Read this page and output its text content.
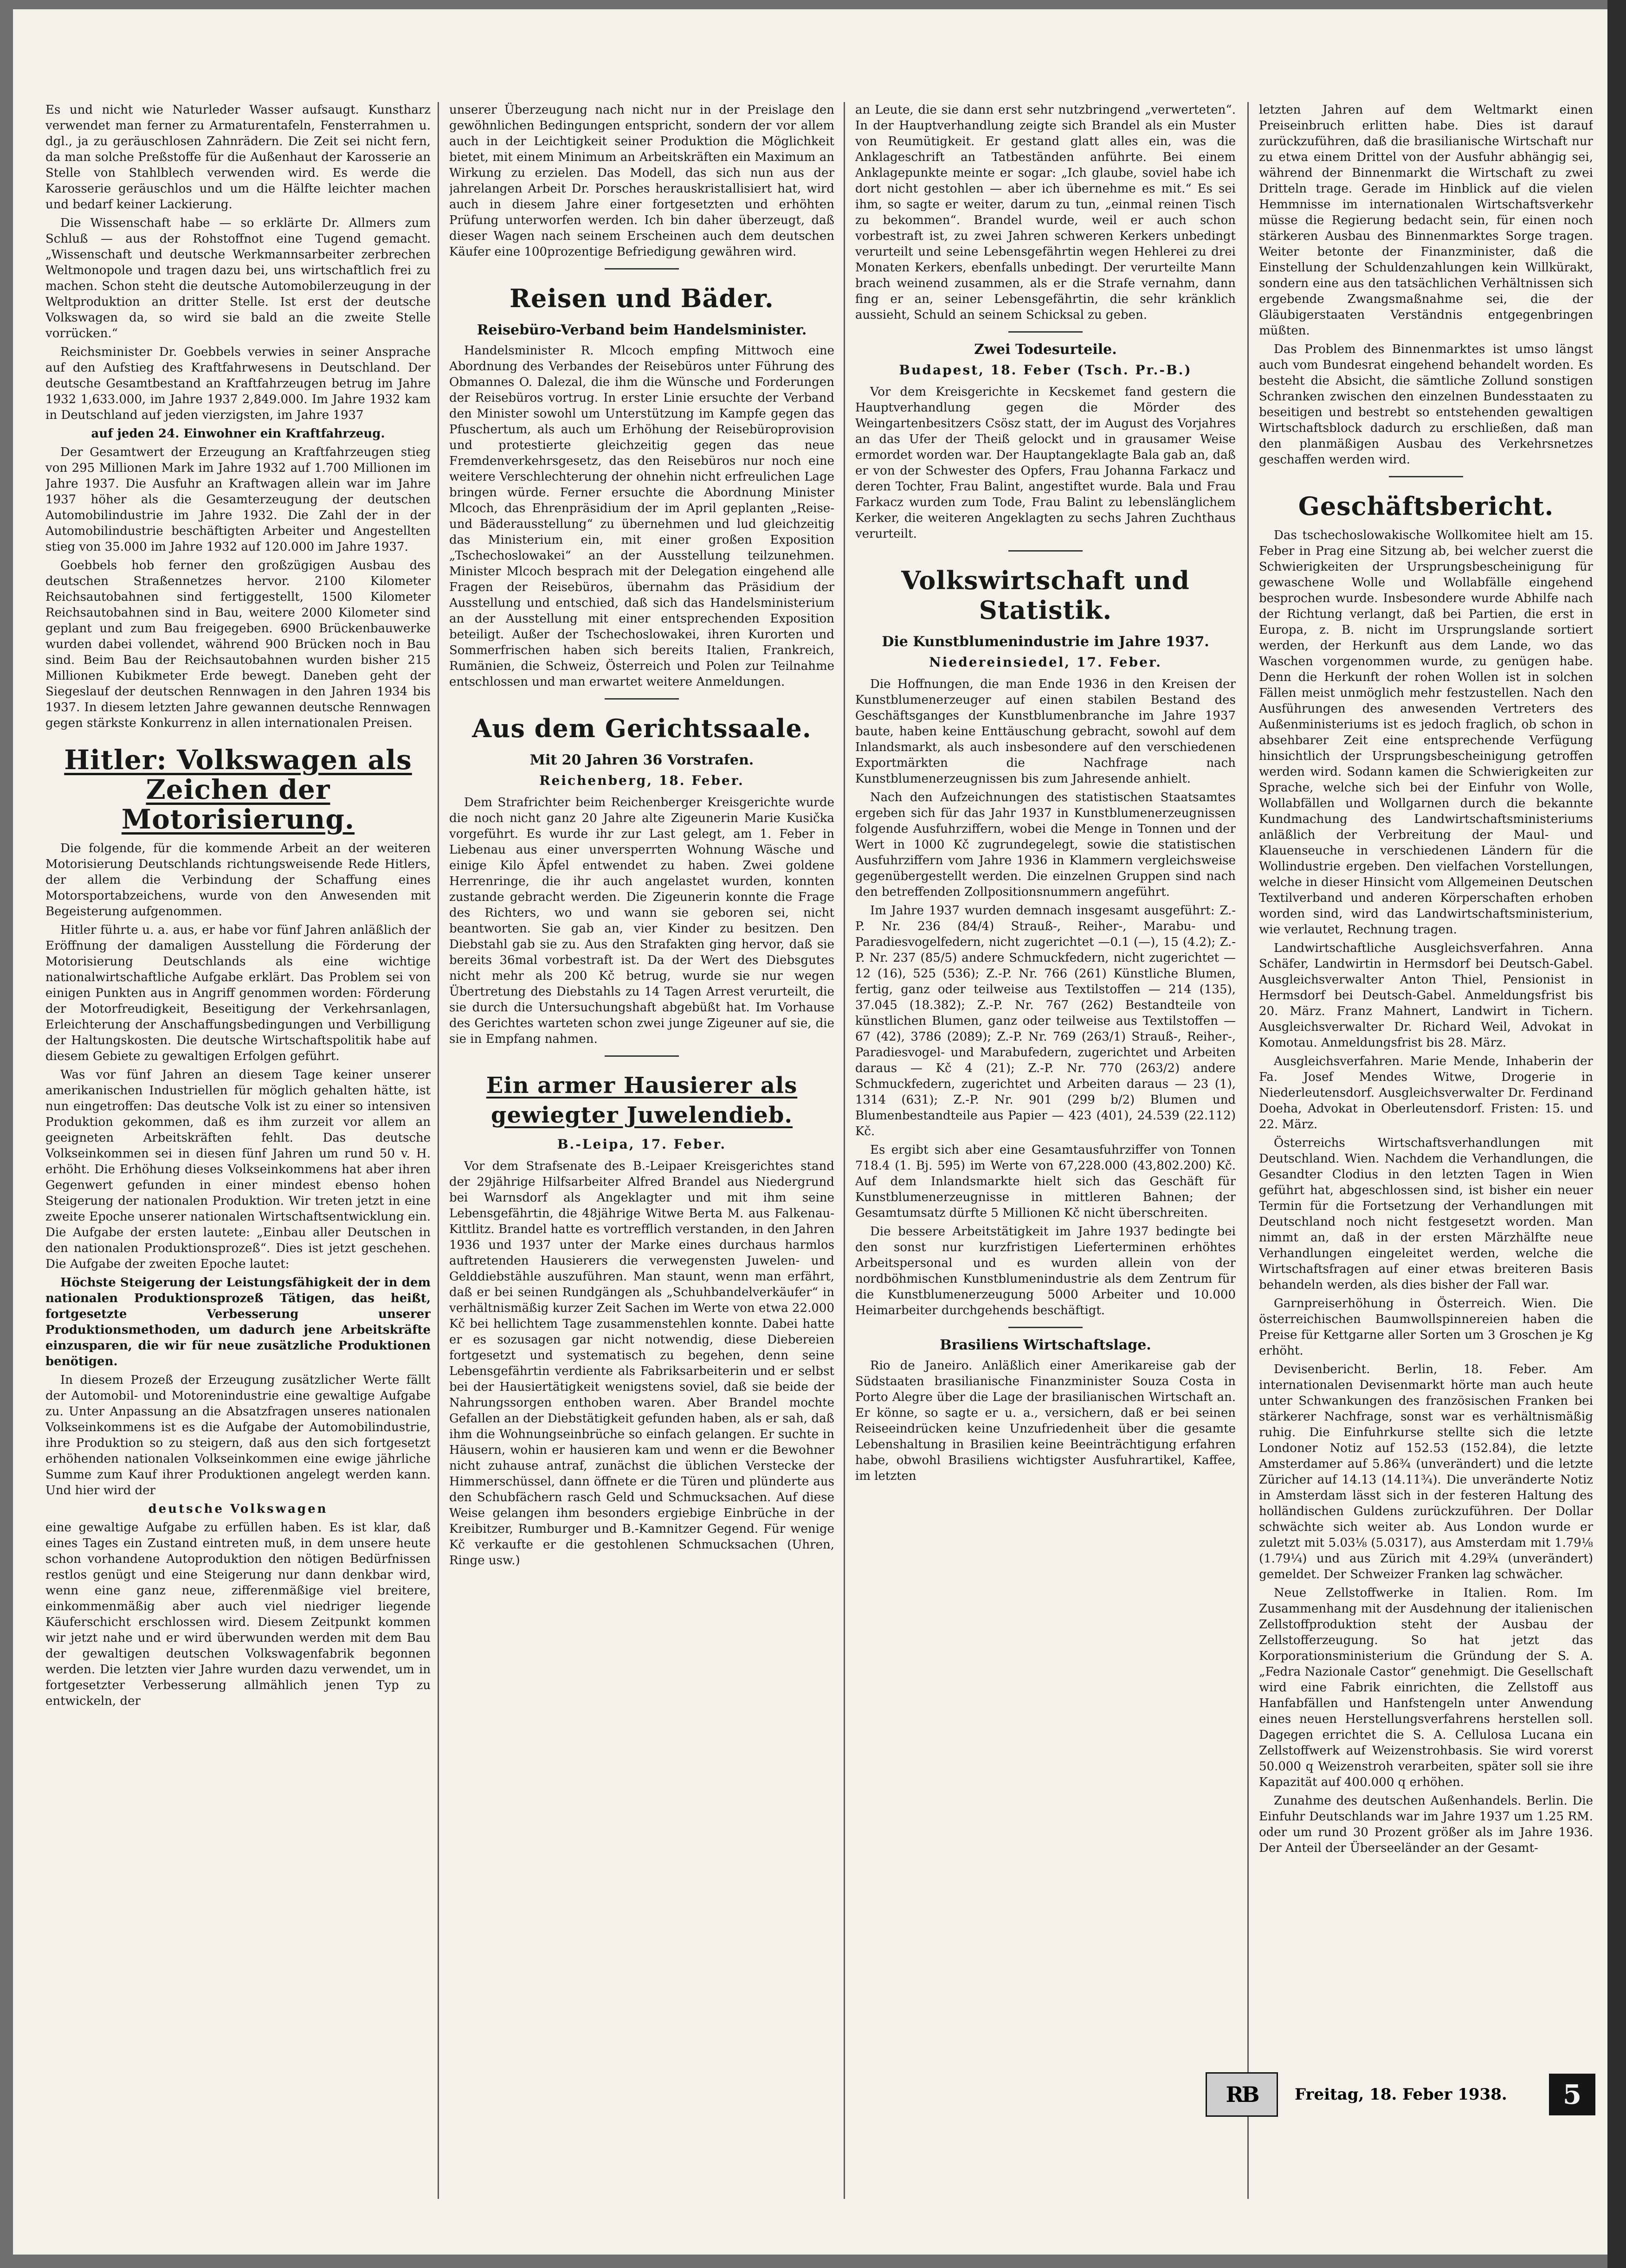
Es und nicht wie Naturleder Wasser aufsaugt. Kunstharz verwendet man ferner zu Armaturentafeln, Fensterrahmen u. dgl., ja zu geräuschlosen Zahnrädern. Die Zeit sei nicht fern, da man solche Preßstoffe für die Außenhaut der Karosserie an Stelle von Stahlblech verwenden wird. Es werde die Karosserie geräuschlos und um die Hälfte leichter machen und bedarf keiner Lackierung.

Die Wissenschaft habe — so erklärte Dr. Allmers zum Schluß — aus der Rohstoffnot eine Tugend gemacht. „Wissenschaft und deutsche Werkmannsarbeiter zerbrechen Weltmonopole und tragen dazu bei, uns wirtschaftlich frei zu machen. Schon steht die deutsche Automobilerzeugung in der Weltproduktion an dritter Stelle. Ist erst der deutsche Volkswagen da, so wird sie bald an die zweite Stelle vorrücken.“

Reichsminister Dr. Goebbels verwies in seiner Ansprache auf den Aufstieg des Kraftfahrwesens in Deutschland. Der deutsche Gesamtbestand an Kraftfahrzeugen betrug im Jahre 1932 1,633.000, im Jahre 1937 2,849.000. Im Jahre 1932 kam in Deutschland auf jeden vierzigsten, im Jahre 1937

auf jeden 24. Einwohner ein Kraftfahrzeug.

Der Gesamtwert der Erzeugung an Kraftfahrzeugen stieg von 295 Millionen Mark im Jahre 1932 auf 1.700 Millionen im Jahre 1937. Die Ausfuhr an Kraftwagen allein war im Jahre 1937 höher als die Gesamterzeugung der deutschen Automobilindustrie im Jahre 1932. Die Zahl der in der Automobilindustrie beschäftigten Arbeiter und Angestellten stieg von 35.000 im Jahre 1932 auf 120.000 im Jahre 1937.

Goebbels hob ferner den großzügigen Ausbau des deutschen Straßennetzes hervor. 2100 Kilometer Reichsautobahnen sind fertiggestellt, 1500 Kilometer Reichsautobahnen sind in Bau, weitere 2000 Kilometer sind geplant und zum Bau freigegeben. 6900 Brückenbauwerke wurden dabei vollendet, während 900 Brücken noch in Bau sind. Beim Bau der Reichsautobahnen wurden bisher 215 Millionen Kubikmeter Erde bewegt. Daneben geht der Siegeslauf der deutschen Rennwagen in den Jahren 1934 bis 1937. In diesem letzten Jahre gewannen deutsche Rennwagen gegen stärkste Konkurrenz in allen internationalen Preisen.

Hitler: Volkswagen als Zeichen der Motorisierung.

Die folgende, für die kommende Arbeit an der weiteren Motorisierung Deutschlands richtungsweisende Rede Hitlers, der allem die Verbindung der Schaffung eines Motorsportabzeichens, wurde von den Anwesenden mit Begeisterung aufgenommen.

Hitler führte u. a. aus, er habe vor fünf Jahren anläßlich der Eröffnung der damaligen Ausstellung die Förderung der Motorisierung Deutschlands als eine wichtige nationalwirtschaftliche Aufgabe erklärt. Das Problem sei von einigen Punkten aus in Angriff genommen worden: Förderung der Motorfreudigkeit, Beseitigung der Verkehrsanlagen, Erleichterung der Anschaffungsbedingungen und Verbilligung der Haltungskosten. Die deutsche Wirtschaftspolitik habe auf diesem Gebiete zu gewaltigen Erfolgen geführt.

Was vor fünf Jahren an diesem Tage keiner unserer amerikanischen Industriellen für möglich gehalten hätte, ist nun eingetroffen: Das deutsche Volk ist zu einer so intensiven Produktion gekommen, daß es ihm zurzeit vor allem an geeigneten Arbeitskräften fehlt. Das deutsche Volkseinkommen sei in diesen fünf Jahren um rund 50 v. H. erhöht. Die Erhöhung dieses Volkseinkommens hat aber ihren Gegenwert gefunden in einer mindest ebenso hohen Steigerung der nationalen Produktion. Wir treten jetzt in eine zweite Epoche unserer nationalen Wirtschaftsentwicklung ein. Die Aufgabe der ersten lautete: „Einbau aller Deutschen in den nationalen Produktionsprozeß“. Dies ist jetzt geschehen. Die Aufgabe der zweiten Epoche lautet:

Höchste Steigerung der Leistungsfähigkeit der in dem nationalen Produktionsprozeß Tätigen, das heißt, fortgesetzte Verbesserung unserer Produktionsmethoden, um dadurch jene Arbeitskräfte einzusparen, die wir für neue zusätzliche Produktionen benötigen.

In diesem Prozeß der Erzeugung zusätzlicher Werte fällt der Automobil- und Motorenindustrie eine gewaltige Aufgabe zu. Unter Anpassung an die Absatzfragen unseres nationalen Volkseinkommens ist es die Aufgabe der Automobilindustrie, ihre Produktion so zu steigern, daß aus den sich fortgesetzt erhöhenden nationalen Volkseinkommen eine ewige jährliche Summe zum Kauf ihrer Produktionen angelegt werden kann. Und hier wird der

deutsche Volkswagen

eine gewaltige Aufgabe zu erfüllen haben. Es ist klar, daß eines Tages ein Zustand eintreten muß, in dem unsere heute schon vorhandene Autoproduktion den nötigen Bedürfnissen restlos genügt und eine Steigerung nur dann denkbar wird, wenn eine ganz neue, zifferenmäßige viel breitere, einkommenmäßig aber auch viel niedriger liegende Käuferschicht erschlossen wird. Diesem Zeitpunkt kommen wir jetzt nahe und er wird überwunden werden mit dem Bau der gewaltigen deutschen Volkswagenfabrik begonnen werden. Die letzten vier Jahre wurden dazu verwendet, um in fortgesetzter Verbesserung allmählich jenen Typ zu entwickeln, der

unserer Überzeugung nach nicht nur in der Preislage den gewöhnlichen Bedingungen entspricht, sondern der vor allem auch in der Leichtigkeit seiner Produktion die Möglichkeit bietet, mit einem Minimum an Arbeitskräften ein Maximum an Wirkung zu erzielen. Das Modell, das sich nun aus der jahrelangen Arbeit Dr. Porsches herauskristallisiert hat, wird auch in diesem Jahre einer fortgesetzten und erhöhten Prüfung unterworfen werden. Ich bin daher überzeugt, daß dieser Wagen nach seinem Erscheinen auch dem deutschen Käufer eine 100prozentige Befriedigung gewähren wird.

Reisen und Bäder.
Reisebüro-Verband beim Handelsminister.

Handelsminister R. Mlcoch empfing Mittwoch eine Abordnung des Verbandes der Reisebüros unter Führung des Obmannes O. Dalezal, die ihm die Wünsche und Forderungen der Reisebüros vortrug. In erster Linie ersuchte der Verband den Minister sowohl um Unterstützung im Kampfe gegen das Pfuschertum, als auch um Erhöhung der Reisebüroprovision und protestierte gleichzeitig gegen das neue Fremdenverkehrsgesetz, das den Reisebüros nur noch eine weitere Verschlechterung der ohnehin nicht erfreulichen Lage bringen würde. Ferner ersuchte die Abordnung Minister Mlcoch, das Ehrenpräsidium der im April geplanten „Reise- und Bäderausstellung“ zu übernehmen und lud gleichzeitig das Ministerium ein, mit einer großen Exposition „Tschechoslowakei“ an der Ausstellung teilzunehmen. Minister Mlcoch besprach mit der Delegation eingehend alle Fragen der Reisebüros, übernahm das Präsidium der Ausstellung und entschied, daß sich das Handelsministerium an der Ausstellung mit einer entsprechenden Exposition beteiligt. Außer der Tschechoslowakei, ihren Kurorten und Sommerfrischen haben sich bereits Italien, Frankreich, Rumänien, die Schweiz, Österreich und Polen zur Teilnahme entschlossen und man erwartet weitere Anmeldungen.

Aus dem Gerichtssaale.
Mit 20 Jahren 36 Vorstrafen.
Reichenberg, 18. Feber.

Dem Strafrichter beim Reichenberger Kreisgerichte wurde die noch nicht ganz 20 Jahre alte Zigeunerin Marie Kusička vorgeführt. Es wurde ihr zur Last gelegt, am 1. Feber in Liebenau aus einer unversperrten Wohnung Wäsche und einige Kilo Äpfel entwendet zu haben. Zwei goldene Herrenringe, die ihr auch angelastet wurden, konnten zustande gebracht werden. Die Zigeunerin konnte die Frage des Richters, wo und wann sie geboren sei, nicht beantworten. Sie gab an, vier Kinder zu besitzen. Den Diebstahl gab sie zu. Aus den Strafakten ging hervor, daß sie bereits 36mal vorbestraft ist. Da der Wert des Diebsgutes nicht mehr als 200 Kč betrug, wurde sie nur wegen Übertretung des Diebstahls zu 14 Tagen Arrest verurteilt, die sie durch die Untersuchungshaft abgebüßt hat. Im Vorhause des Gerichtes warteten schon zwei junge Zigeuner auf sie, die sie in Empfang nahmen.

Ein armer Hausierer als gewiegter Juwelendieb.
B.-Leipa, 17. Feber.

Vor dem Strafsenate des B.-Leipaer Kreisgerichtes stand der 29jährige Hilfsarbeiter Alfred Brandel aus Niedergrund bei Warnsdorf als Angeklagter und mit ihm seine Lebensgefährtin, die 48jährige Witwe Berta M. aus Falkenau-Kittlitz. Brandel hatte es vortrefflich verstanden, in den Jahren 1936 und 1937 unter der Marke eines durchaus harmlos auftretenden Hausierers die verwegensten Juwelen- und Gelddiebstähle auszuführen. Man staunt, wenn man erfährt, daß er bei seinen Rundgängen als „Schuhbandelverkäufer“ in verhältnismäßig kurzer Zeit Sachen im Werte von etwa 22.000 Kč bei hellichtem Tage zusammenstehlen konnte. Dabei hatte er es sozusagen gar nicht notwendig, diese Diebereien fortgesetzt und systematisch zu begehen, denn seine Lebensgefährtin verdiente als Fabriksarbeiterin und er selbst bei der Hausiertätigkeit wenigstens soviel, daß sie beide der Nahrungssorgen enthoben waren. Aber Brandel mochte Gefallen an der Diebstätigkeit gefunden haben, als er sah, daß ihm die Wohnungseinbrüche so einfach gelangen. Er suchte in Häusern, wohin er hausieren kam und wenn er die Bewohner nicht zuhause antraf, zunächst die üblichen Verstecke der Himmerschüssel, dann öffnete er die Türen und plünderte aus den Schubfächern rasch Geld und Schmucksachen. Auf diese Weise gelangen ihm besonders ergiebige Einbrüche in der Kreibitzer, Rumburger und B.-Kamnitzer Gegend. Für wenige Kč verkaufte er die gestohlenen Schmucksachen (Uhren, Ringe usw.)

an Leute, die sie dann erst sehr nutzbringend „verwerteten“. In der Hauptverhandlung zeigte sich Brandel als ein Muster von Reumütigkeit. Er gestand glatt alles ein, was die Anklageschrift an Tatbeständen anführte. Bei einem Anklagepunkte meinte er sogar: „Ich glaube, soviel habe ich dort nicht gestohlen — aber ich übernehme es mit.“ Es sei ihm, so sagte er weiter, darum zu tun, „einmal reinen Tisch zu bekommen“. Brandel wurde, weil er auch schon vorbestraft ist, zu zwei Jahren schweren Kerkers unbedingt verurteilt und seine Lebensgefährtin wegen Hehlerei zu drei Monaten Kerkers, ebenfalls unbedingt. Der verurteilte Mann brach weinend zusammen, als er die Strafe vernahm, dann fing er an, seiner Lebensgefährtin, die sehr kränklich aussieht, Schuld an seinem Schicksal zu geben.

Zwei Todesurteile.
Budapest, 18. Feber (Tsch. Pr.-B.)

Vor dem Kreisgerichte in Kecskemet fand gestern die Hauptverhandlung gegen die Mörder des Weingartenbesitzers Csösz statt, der im August des Vorjahres an das Ufer der Theiß gelockt und in grausamer Weise ermordet worden war. Der Hauptangeklagte Bala gab an, daß er von der Schwester des Opfers, Frau Johanna Farkacz und deren Tochter, Frau Balint, angestiftet wurde. Bala und Frau Farkacz wurden zum Tode, Frau Balint zu lebenslänglichem Kerker, die weiteren Angeklagten zu sechs Jahren Zuchthaus verurteilt.

Volkswirtschaft und Statistik.
Die Kunstblumenindustrie im Jahre 1937.
Niedereinsiedel, 17. Feber.

Die Hoffnungen, die man Ende 1936 in den Kreisen der Kunstblumenerzeuger auf einen stabilen Bestand des Geschäftsganges der Kunstblumenbranche im Jahre 1937 baute, haben keine Enttäuschung gebracht, sowohl auf dem Inlandsmarkt, als auch insbesondere auf den verschiedenen Exportmärkten die Nachfrage nach Kunstblumenerzeugnissen bis zum Jahresende anhielt.

Nach den Aufzeichnungen des statistischen Staatsamtes ergeben sich für das Jahr 1937 in Kunstblumenerzeugnissen folgende Ausfuhrziffern, wobei die Menge in Tonnen und der Wert in 1000 Kč zugrundegelegt, sowie die statistischen Ausfuhrziffern vom Jahre 1936 in Klammern vergleichsweise gegenübergestellt werden. Die einzelnen Gruppen sind nach den betreffenden Zollpositionsnummern angeführt.

Im Jahre 1937 wurden demnach insgesamt ausgeführt: Z.-P. Nr. 236 (84/4) Strauß-, Reiher-, Marabu- und Paradiesvogelfedern, nicht zugerichtet —0.1 (—), 15 (4.2); Z.-P. Nr. 237 (85/5) andere Schmuckfedern, nicht zugerichtet — 12 (16), 525 (536); Z.-P. Nr. 766 (261) Künstliche Blumen, fertig, ganz oder teilweise aus Textilstoffen — 214 (135), 37.045 (18.382); Z.-P. Nr. 767 (262) Bestandteile von künstlichen Blumen, ganz oder teilweise aus Textilstoffen — 67 (42), 3786 (2089); Z.-P. Nr. 769 (263/1) Strauß-, Reiher-, Paradiesvogel- und Marabufedern, zugerichtet und Arbeiten daraus — Kč 4 (21); Z.-P. Nr. 770 (263/2) andere Schmuckfedern, zugerichtet und Arbeiten daraus — 23 (1), 1314 (631); Z.-P. Nr. 901 (299 b/2) Blumen und Blumenbestandteile aus Papier — 423 (401), 24.539 (22.112) Kč.

Es ergibt sich aber eine Gesamtausfuhrziffer von Tonnen 718.4 (1. Bj. 595) im Werte von 67,228.000 (43,802.200) Kč. Auf dem Inlandsmarkte hielt sich das Geschäft für Kunstblumenerzeugnisse in mittleren Bahnen; der Gesamtumsatz dürfte 5 Millionen Kč nicht überschreiten.

Die bessere Arbeitstätigkeit im Jahre 1937 bedingte bei den sonst nur kurzfristigen Lieferterminen erhöhtes Arbeitspersonal und es wurden allein von der nordböhmischen Kunstblumenindustrie als dem Zentrum für die Kunstblumenerzeugung 5000 Arbeiter und 10.000 Heimarbeiter durchgehends beschäftigt.

Brasiliens Wirtschaftslage.

Rio de Janeiro. Anläßlich einer Amerikareise gab der Südstaaten brasilianische Finanzminister Souza Costa in Porto Alegre über die Lage der brasilianischen Wirtschaft an. Er könne, so sagte er u. a., versichern, daß er bei seinen Reiseeindrücken keine Unzufriedenheit über die gesamte Lebenshaltung in Brasilien keine Beeinträchtigung erfahren habe, obwohl Brasiliens wichtigster Ausfuhrartikel, Kaffee, im letzten

letzten Jahren auf dem Weltmarkt einen Preiseinbruch erlitten habe. Dies ist darauf zurückzuführen, daß die brasilianische Wirtschaft nur zu etwa einem Drittel von der Ausfuhr abhängig sei, während der Binnenmarkt die Wirtschaft zu zwei Dritteln trage. Gerade im Hinblick auf die vielen Hemmnisse im internationalen Wirtschaftsverkehr müsse die Regierung bedacht sein, für einen noch stärkeren Ausbau des Binnenmarktes Sorge tragen. Weiter betonte der Finanzminister, daß die Einstellung der Schuldenzahlungen kein Willkürakt, sondern eine aus den tatsächlichen Verhältnissen sich ergebende Zwangsmaßnahme sei, die der Gläubigerstaaten Verständnis entgegenbringen müßten.

Das Problem des Binnenmarktes ist umso längst auch vom Bundesrat eingehend behandelt worden. Es besteht die Absicht, die sämtliche Zollund sonstigen Schranken zwischen den einzelnen Bundesstaaten zu beseitigen und bestrebt so entstehenden gewaltigen Wirtschaftsblock dadurch zu erschließen, daß man den planmäßigen Ausbau des Verkehrsnetzes geschaffen werden wird.

Geschäftsbericht.

Das tschechoslowakische Wollkomitee hielt am 15. Feber in Prag eine Sitzung ab, bei welcher zuerst die Schwierigkeiten der Ursprungsbescheinigung für gewaschene Wolle und Wollabfälle eingehend besprochen wurde. Insbesondere wurde Abhilfe nach der Richtung verlangt, daß bei Partien, die erst in Europa, z. B. nicht im Ursprungslande sortiert werden, der Herkunft aus dem Lande, wo das Waschen vorgenommen wurde, zu genügen habe. Denn die Herkunft der rohen Wollen ist in solchen Fällen meist unmöglich mehr festzustellen. Nach den Ausführungen des anwesenden Vertreters des Außenministeriums ist es jedoch fraglich, ob schon in absehbarer Zeit eine entsprechende Verfügung hinsichtlich der Ursprungsbescheinigung getroffen werden wird. Sodann kamen die Schwierigkeiten zur Sprache, welche sich bei der Einfuhr von Wolle, Wollabfällen und Wollgarnen durch die bekannte Kundmachung des Landwirtschaftsministeriums anläßlich der Verbreitung der Maul- und Klauenseuche in verschiedenen Ländern für die Wollindustrie ergeben. Den vielfachen Vorstellungen, welche in dieser Hinsicht vom Allgemeinen Deutschen Textilverband und anderen Körperschaften erhoben worden sind, wird das Landwirtschaftsministerium, wie verlautet, Rechnung tragen.

Landwirtschaftliche Ausgleichsverfahren. Anna Schäfer, Landwirtin in Hermsdorf bei Deutsch-Gabel. Ausgleichsverwalter Anton Thiel, Pensionist in Hermsdorf bei Deutsch-Gabel. Anmeldungsfrist bis 20. März. Franz Mahnert, Landwirt in Tichern. Ausgleichsverwalter Dr. Richard Weil, Advokat in Komotau. Anmeldungsfrist bis 28. März.

Ausgleichsverfahren. Marie Mende, Inhaberin der Fa. Josef Mendes Witwe, Drogerie in Niederleutensdorf. Ausgleichsverwalter Dr. Ferdinand Doeha, Advokat in Oberleutensdorf. Fristen: 15. und 22. März.

Österreichs Wirtschaftsverhandlungen mit Deutschland. Wien. Nachdem die Verhandlungen, die Gesandter Clodius in den letzten Tagen in Wien geführt hat, abgeschlossen sind, ist bisher ein neuer Termin für die Fortsetzung der Verhandlungen mit Deutschland noch nicht festgesetzt worden. Man nimmt an, daß in der ersten Märzhälfte neue Verhandlungen eingeleitet werden, welche die Wirtschaftsfragen auf einer etwas breiteren Basis behandeln werden, als dies bisher der Fall war.

Garnpreiserhöhung in Österreich. Wien. Die österreichischen Baumwollspinnereien haben die Preise für Kettgarne aller Sorten um 3 Groschen je Kg erhöht.

Devisenbericht. Berlin, 18. Feber. Am internationalen Devisenmarkt hörte man auch heute unter Schwankungen des französischen Franken bei stärkerer Nachfrage, sonst war es verhältnismäßig ruhig. Die Einfuhrkurse stellte sich die letzte Londoner Notiz auf 152.53 (152.84), die letzte Amsterdamer auf 5.86¾ (unverändert) und die letzte Züricher auf 14.13 (14.11¾). Die unveränderte Notiz in Amsterdam lässt sich in der festeren Haltung des holländischen Guldens zurückzuführen. Der Dollar schwächte sich weiter ab. Aus London wurde er zuletzt mit 5.03⅛ (5.0317), aus Amsterdam mit 1.79⅛ (1.79¼) und aus Zürich mit 4.29¾ (unverändert) gemeldet. Der Schweizer Franken lag schwächer.

Neue Zellstoffwerke in Italien. Rom. Im Zusammenhang mit der Ausdehnung der italienischen Zellstoffproduktion steht der Ausbau der Zellstofferzeugung. So hat jetzt das Korporationsministerium die Gründung der S. A. „Fedra Nazionale Castor“ genehmigt. Die Gesellschaft wird eine Fabrik einrichten, die Zellstoff aus Hanfabfällen und Hanfstengeln unter Anwendung eines neuen Herstellungsverfahrens herstellen soll. Dagegen errichtet die S. A. Cellulosa Lucana ein Zellstoffwerk auf Weizenstrohbasis. Sie wird vorerst 50.000 q Weizenstroh verarbeiten, später soll sie ihre Kapazität auf 400.000 q erhöhen.

Zunahme des deutschen Außenhandels. Berlin. Die Einfuhr Deutschlands war im Jahre 1937 um 1.25 RM. oder um rund 30 Prozent größer als im Jahre 1936. Der Anteil der Überseeländer an der Gesamt-

RB	Freitag, 18. Feber 1938.	5
